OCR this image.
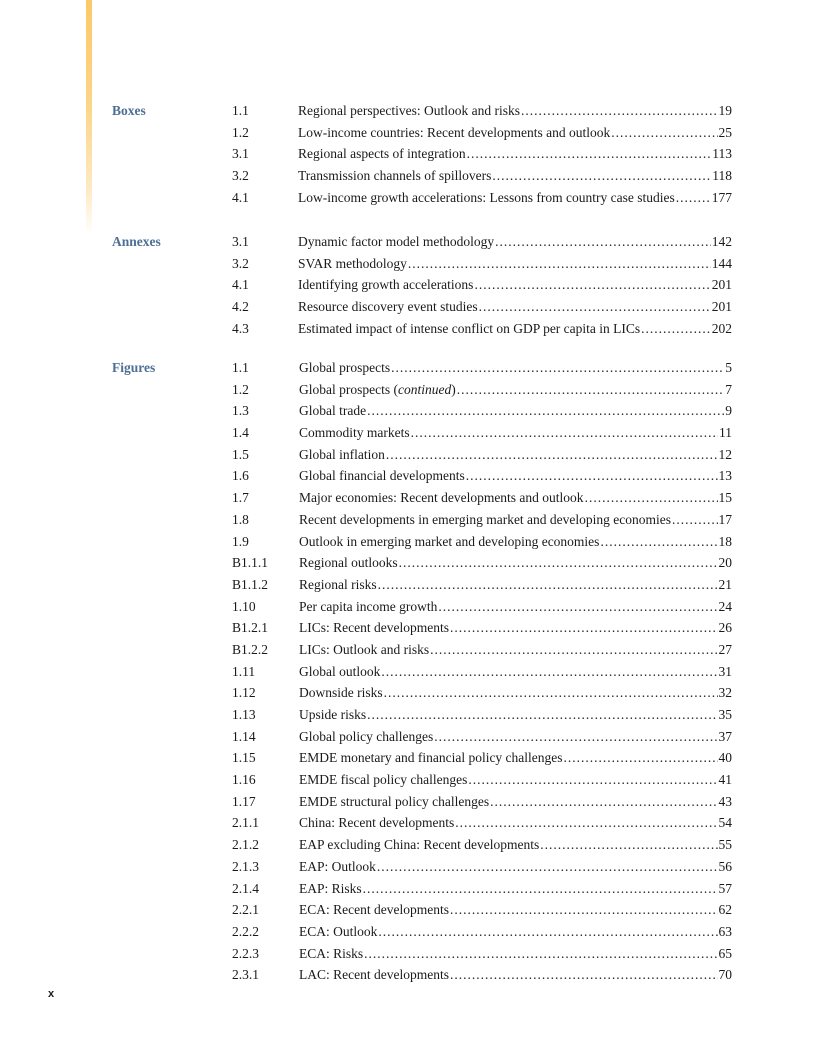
Boxes	1.1	Regional perspectives: Outlook and risks .....	19
1.2	Low-income countries: Recent developments and outlook .....	25
3.1	Regional aspects of integration .....	113
3.2	Transmission channels of spillovers .....	118
4.1	Low-income growth accelerations: Lessons from country case studies .....	177
Annexes	3.1	Dynamic factor model methodology .....	142
3.2	SVAR methodology .....	144
4.1	Identifying growth accelerations .....	201
4.2	Resource discovery event studies .....	201
4.3	Estimated impact of intense conflict on GDP per capita in LICs .....	202
Figures	1.1	Global prospects .....	5
1.2	Global prospects (continued) .....	7
1.3	Global trade .....	9
1.4	Commodity markets .....	11
1.5	Global inflation .....	12
1.6	Global financial developments .....	13
1.7	Major economies: Recent developments and outlook .....	15
1.8	Recent developments in emerging market and developing economies .....	17
1.9	Outlook in emerging market and developing economies .....	18
B1.1.1 Regional outlooks .....	20
B1.1.2 Regional risks .....	21
1.10	Per capita income growth .....	24
B1.2.1 LICs: Recent developments .....	26
B1.2.2 LICs: Outlook and risks .....	27
1.11	Global outlook .....	31
1.12	Downside risks .....	32
1.13	Upside risks .....	35
1.14	Global policy challenges .....	37
1.15	EMDE monetary and financial policy challenges .....	40
1.16	EMDE fiscal policy challenges .....	41
1.17	EMDE structural policy challenges .....	43
2.1.1	China: Recent developments .....	54
2.1.2	EAP excluding China: Recent developments .....	55
2.1.3	EAP: Outlook .....	56
2.1.4	EAP: Risks .....	57
2.2.1	ECA: Recent developments .....	62
2.2.2	ECA: Outlook .....	63
2.2.3	ECA: Risks .....	65
2.3.1	LAC: Recent developments .....	70
x
